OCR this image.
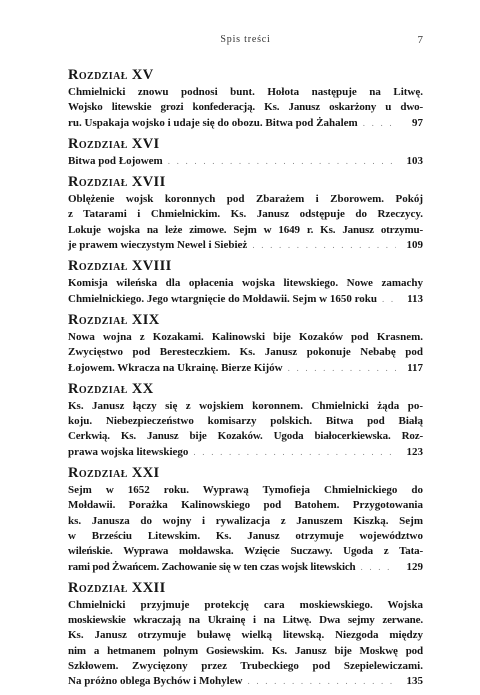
Spis treści	7
Rozdział XV
Chmielnicki znowu podnosi bunt. Hołota następuje na Litwę.
Wojsko litewskie grozi konfederacją. Ks. Janusz oskarżony u dwo-
ru. Uspakaja wojsko i udaje się do obozu. Bitwa pod Żahalem . . .	97
Rozdział XVI
Bitwa pod Łojowem . . .	103
Rozdział XVII
Oblężenie wojsk koronnych pod Zbarażem i Zborowem. Pokój
z Tatarami i Chmielnickim. Ks. Janusz odstępuje do Rzeczycy.
Lokuje wojska na leże zimowe. Sejm w 1649 r. Ks. Janusz otrzymu-
je prawem wieczystym Newel i Siebież . . .	109
Rozdział XVIII
Komisja wileńska dla opłacenia wojska litewskiego. Nowe zamachy
Chmielnickiego. Jego wtargnięcie do Mołdawii. Sejm w 1650 roku . . .	113
Rozdział XIX
Nowa wojna z Kozakami. Kalinowski bije Kozaków pod Krasnem.
Zwycięstwo pod Beresteczkiem. Ks. Janusz pokonuje Nebabę pod
Łojowem. Wkracza na Ukrainę. Bierze Kijów . . .	117
Rozdział XX
Ks. Janusz łączy się z wojskiem koronnem. Chmielnicki żąda po-
koju. Niebezpieczeństwo komisarzy polskich. Bitwa pod Białą
Cerkwią. Ks. Janusz bije Kozaków. Ugoda białocerkiewska. Roz-
prawa wojska litewskiego . . .	123
Rozdział XXI
Sejm w 1652 roku. Wyprawą Tymofieja Chmielnickiego do
Mołdawii. Porażka Kalinowskiego pod Batohem. Przygotowania
ks. Janusza do wojny i rywalizacja z Januszem Kiszką. Sejm
w Brześciu Litewskim. Ks. Janusz otrzymuje województwo
wileńskie. Wyprawa mołdawska. Wzięcie Suczawy. Ugoda z Tata-
rami pod Żwańcem. Zachowanie się w ten czas wojsk litewskich . . .	129
Rozdział XXII
Chmielnicki przyjmuje protekcję cara moskiewskiego. Wojska
moskiewskie wkraczają na Ukrainę i na Litwę. Dwa sejmy zerwane.
Ks. Janusz otrzymuje buławę wielką litewską. Niezgoda między
nim a hetmanem polnym Gosiewskim. Ks. Janusz bije Moskwę pod
Szkłowem. Zwycięzony przez Trubeckiego pod Szepielewiczami.
Na próżno oblega Bychów i Mohylew . . .	135
